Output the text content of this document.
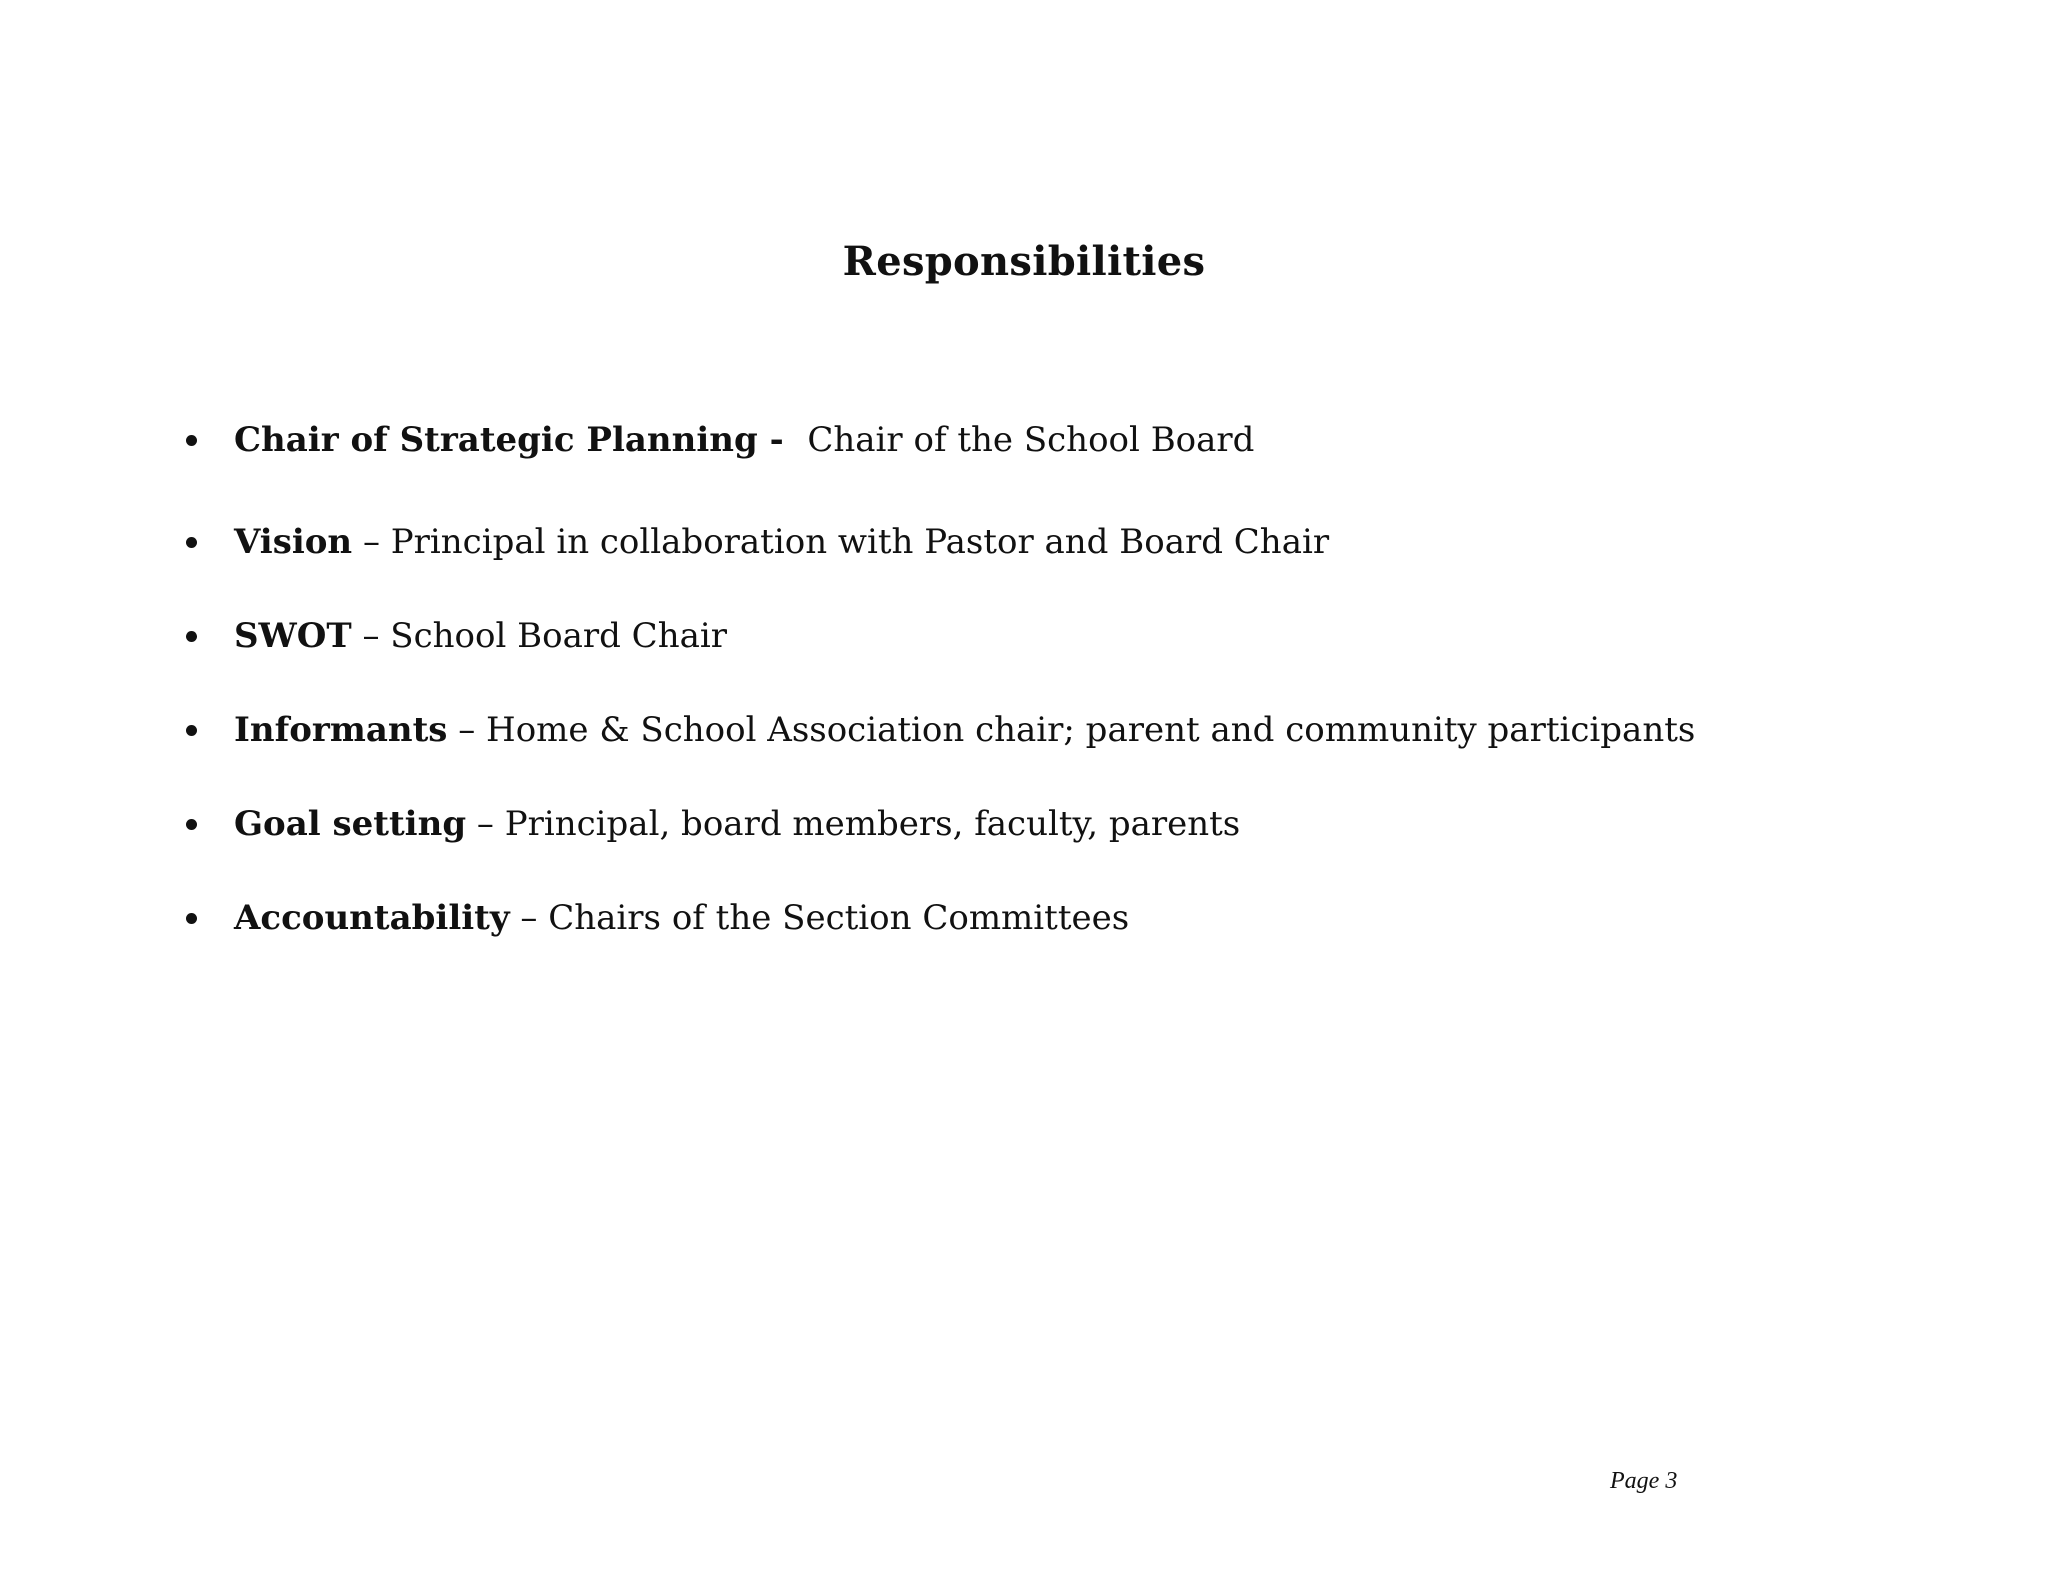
Responsibilities
Chair of Strategic Planning -  Chair of the School Board
Vision – Principal in collaboration with Pastor and Board Chair
SWOT – School Board Chair
Informants – Home & School Association chair; parent and community participants
Goal setting – Principal, board members, faculty, parents
Accountability – Chairs of the Section Committees
Page 3
